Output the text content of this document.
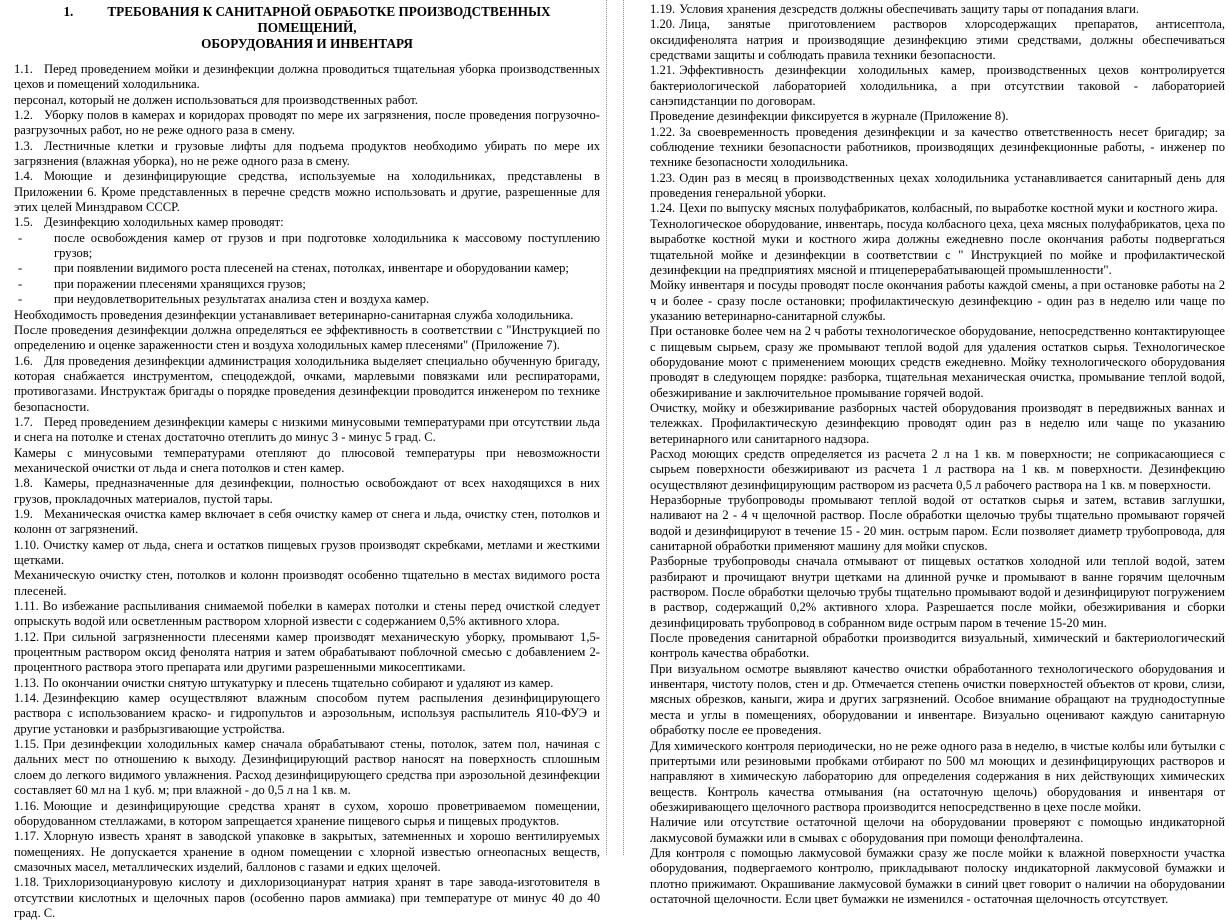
1.	ТРЕБОВАНИЯ К САНИТАРНОЙ ОБРАБОТКЕ ПРОИЗВОДСТВЕННЫХ ПОМЕЩЕНИЙ,
ОБОРУДОВАНИЯ И ИНВЕНТАРЯ

1.1. Перед проведением мойки и дезинфекции должна проводиться тщательная уборка производственных цехов и помещений холодильника.

персонал, который не должен использоваться для производственных работ.

1.2. Уборку полов в камерах и коридорах проводят по мере их загрязнения, после проведения погрузочно-разгрузочных работ, но не реже одного раза в смену.

1.3. Лестничные клетки и грузовые лифты для подъема продуктов необходимо убирать по мере их загрязнения (влажная уборка), но не реже одного раза в смену.

1.4. Моющие и дезинфицирующие средства, используемые на холодильниках, представлены в Приложении 6. Кроме представленных в перечне средств можно использовать и другие, разрешенные для этих целей Минздравом СССР.

1.5. Дезинфекцию холодильных камер проводят:

-	после освобождения камер от грузов и при подготовке холодильника к массовому поступлению грузов;
-	при появлении видимого роста плесеней на стенах, потолках, инвентаре и оборудовании камер;
-	при поражении плесенями хранящихся грузов;
-	при неудовлетворительных результатах анализа стен и воздуха камер.

Необходимость проведения дезинфекции устанавливает ветеринарно-санитарная служба холодильника.

После проведения дезинфекции должна определяться ее эффективность в соответствии с "Инструкцией по определению и оценке зараженности стен и воздуха холодильных камер плесенями" (Приложение 7).

1.6. Для проведения дезинфекции администрация холодильника выделяет специально обученную бригаду, которая снабжается инструментом, спецодеждой, очками, марлевыми повязками или респираторами, противогазами. Инструктаж бригады о порядке проведения дезинфекции проводится инженером по технике безопасности.

1.7. Перед проведением дезинфекции камеры с низкими минусовыми температурами при отсутствии льда и снега на потолке и стенах достаточно отеплить до минус 3 - минус 5 град. С.

Камеры с минусовыми температурами отепляют до плюсовой температуры при невозможности механической очистки от льда и снега потолков и стен камер.

1.8. Камеры, предназначенные для дезинфекции, полностью освобождают от всех находящихся в них грузов, прокладочных материалов, пустой тары.

1.9. Механическая очистка камер включает в себя очистку камер от снега и льда, очистку стен, потолков и колонн от загрязнений.

1.10. Очистку камер от льда, снега и остатков пищевых грузов производят скребками, метлами и жесткими щетками.

Механическую очистку стен, потолков и колонн производят особенно тщательно в местах видимого роста плесеней.

1.11. Во избежание распыливания снимаемой побелки в камерах потолки и стены перед очисткой следует опрыскуть водой или осветленным раствором хлорной извести с содержанием 0,5% активного хлора.

1.12. При сильной загрязненности плесенями камер производят механическую уборку, промывают 1,5-процентным раствором оксид фенолята натрия и затем обрабатывают поблочной смесью с добавлением 2-процентного раствора этого препарата или другими разрешенными микосептиками.

1.13. По окончании очистки снятую штукатурку и плесень тщательно собирают и удаляют из камер.

1.14. Дезинфекцию камер осуществляют влажным способом путем распыления дезинфицирующего раствора с использованием краско- и гидропультов и аэрозольным, используя распылитель Я10-ФУЭ и другие установки и разбрызгивающие устройства.

1.15. При дезинфекции холодильных камер сначала обрабатывают стены, потолок, затем пол, начиная с дальних мест по отношению к выходу. Дезинфицирующий раствор наносят на поверхность сплошным слоем до легкого видимого увлажнения. Расход дезинфицирующего средства при аэрозольной дезинфекции составляет 60 мл на 1 куб. м; при влажной - до 0,5 л на 1 кв. м.

1.16. Моющие и дезинфицирующие средства хранят в сухом, хорошо проветриваемом помещении, оборудованном стеллажами, в котором запрещается хранение пищевого сырья и пищевых продуктов.

1.17. Хлорную известь хранят в заводской упаковке в закрытых, затемненных и хорошо вентилируемых помещениях. Не допускается хранение в одном помещении с хлорной известью огнеопасных веществ, смазочных масел, металлических изделий, баллонов с газами и едких щелочей.

1.18. Трихлоризоциануровую кислоту и дихлоризоцианурат натрия хранят в таре завода-изготовителя в отсутствии кислотных и щелочных паров (особенно паров аммиака) при температуре от минус 40 до 40 град. С.

1.19. Условия хранения дезсредств должны обеспечивать защиту тары от попадания влаги.

1.20. Лица, занятые приготовлением растворов хлорсодержащих препаратов, антисептола, оксидифенолята натрия и производящие дезинфекцию этими средствами, должны обеспечиваться средствами защиты и соблюдать правила техники безопасности.

1.21. Эффективность дезинфекции холодильных камер, производственных цехов контролируется бактериологической лабораторией холодильника, а при отсутствии таковой - лабораторией санэпидстанции по договорам.

Проведение дезинфекции фиксируется в журнале (Приложение 8).

1.22. За своевременность проведения дезинфекции и за качество ответственность несет бригадир; за соблюдение техники безопасности работников, производящих дезинфекционные работы, - инженер по технике безопасности холодильника.

1.23. Один раз в месяц в производственных цехах холодильника устанавливается санитарный день для проведения генеральной уборки.

1.24. Цехи по выпуску мясных полуфабрикатов, колбасный, по выработке костной муки и костного жира.

Технологическое оборудование, инвентарь, посуда колбасного цеха, цеха мясных полуфабрикатов, цеха по выработке костной муки и костного жира должны ежедневно после окончания работы подвергаться тщательной мойке и дезинфекции в соответствии с " Инструкцией по мойке и профилактической дезинфекции на предприятиях мясной и птицеперерабатывающей промышленности".

Мойку инвентаря и посуды проводят после окончания работы каждой смены, а при остановке работы на 2 ч и более - сразу после остановки; профилактическую дезинфекцию - один раз в неделю или чаще по указанию ветеринарно-санитарной службы.

При остановке более чем на 2 ч работы технологическое оборудование, непосредственно контактирующее с пищевым сырьем, сразу же промывают теплой водой для удаления остатков сырья. Технологическое оборудование моют с применением моющих средств ежедневно. Мойку технологического оборудования проводят в следующем порядке: разборка, тщательная механическая очистка, промывание теплой водой, обезжиривание и заключительное промывание горячей водой.

Очистку, мойку и обезжиривание разборных частей оборудования производят в передвижных ваннах и тележках. Профилактическую дезинфекцию проводят один раз в неделю или чаще по указанию ветеринарного или санитарного надзора.

Расход моющих средств определяется из расчета 2 л на 1 кв. м поверхности; не соприкасающиеся с сырьем поверхности обезжиривают из расчета 1 л раствора на 1 кв. м поверхности. Дезинфекцию осуществляют дезинфицирующим раствором из расчета 0,5 л рабочего раствора на 1 кв. м поверхности.

Неразборные трубопроводы промывают теплой водой от остатков сырья и затем, вставив заглушки, наливают на 2 - 4 ч щелочной раствор. После обработки щелочью трубы тщательно промывают горячей водой и дезинфицируют в течение 15 - 20 мин. острым паром. Если позволяет диаметр трубопровода, для санитарной обработки применяют машину для мойки спусков.

Разборные трубопроводы сначала отмывают от пищевых остатков холодной или теплой водой, затем разбирают и прочищают внутри щетками на длинной ручке и промывают в ванне горячим щелочным раствором. После обработки щелочью трубы тщательно промывают водой и дезинфицируют погружением в раствор, содержащий 0,2% активного хлора. Разрешается после мойки, обезжиривания и сборки дезинфицировать трубопровод в собранном виде острым паром в течение 15-20 мин.

После проведения санитарной обработки производится визуальный, химический и бактериологический контроль качества обработки.

При визуальном осмотре выявляют качество очистки обработанного технологического оборудования и инвентаря, чистоту полов, стен и др. Отмечается степень очистки поверхностей объектов от крови, слизи, мясных обрезков, каныги, жира и других загрязнений. Особое внимание обращают на труднодоступные места и углы в помещениях, оборудовании и инвентаре. Визуально оценивают каждую санитарную обработку после ее проведения.

Для химического контроля периодически, но не реже одного раза в неделю, в чистые колбы или бутылки с притертыми или резиновыми пробками отбирают по 500 мл моющих и дезинфицирующих растворов и направляют в химическую лабораторию для определения содержания в них действующих химических веществ. Контроль качества отмывания (на остаточную щелочь) оборудования и инвентаря от обезжиривающего щелочного раствора производится непосредственно в цехе после мойки.

Наличие или отсутствие остаточной щелочи на оборудовании проверяют с помощью индикаторной лакмусовой бумажки или в смывах с оборудования при помощи фенолфталеина.

Для контроля с помощью лакмусовой бумажки сразу же после мойки к влажной поверхности участка оборудования, подвергаемого контролю, прикладывают полоску индикаторной лакмусовой бумажки и плотно прижимают. Окрашивание лакмусовой бумажки в синий цвет говорит о наличии на оборудовании остаточной щелочности. Если цвет бумажки не изменился - остаточная щелочность отсутствует.
